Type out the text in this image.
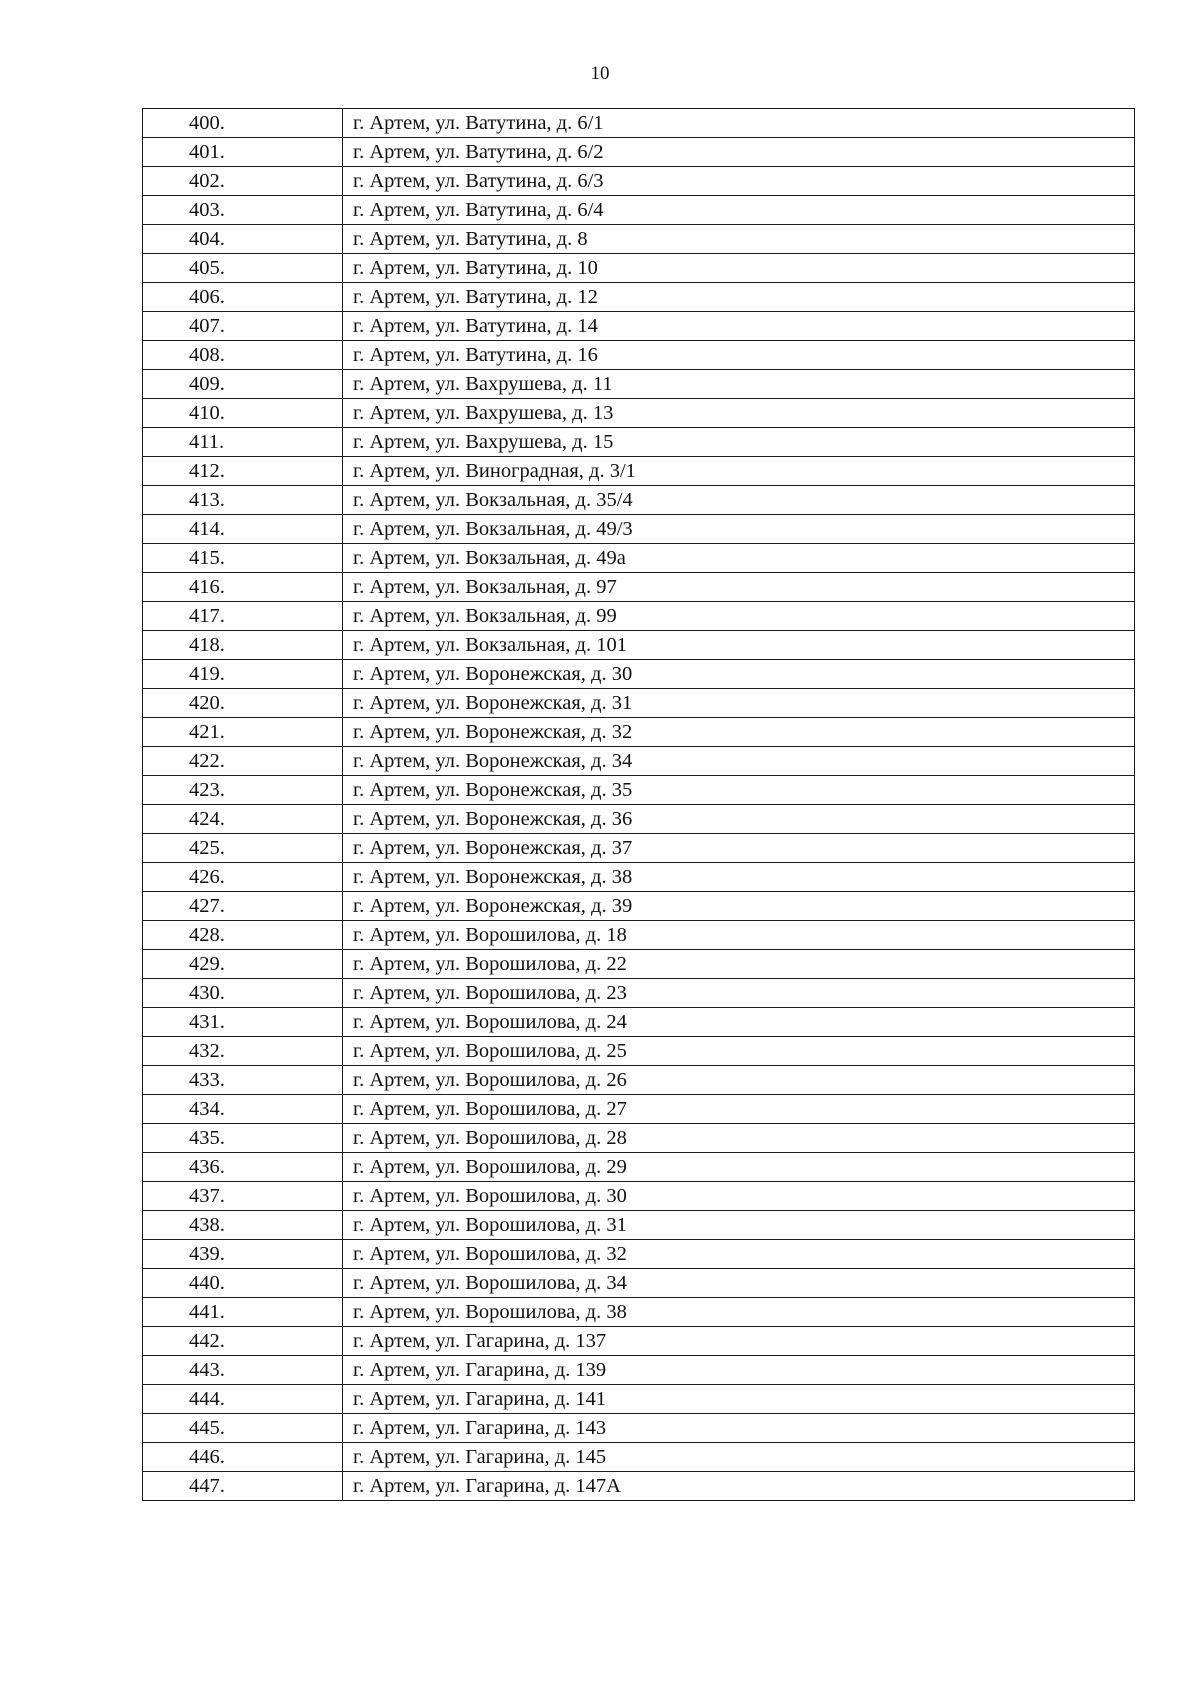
10
400.	г. Артем, ул. Ватутина, д. 6/1
401.	г. Артем, ул. Ватутина, д. 6/2
402.	г. Артем, ул. Ватутина, д. 6/3
403.	г. Артем, ул. Ватутина, д. 6/4
404.	г. Артем, ул. Ватутина, д. 8
405.	г. Артем, ул. Ватутина, д. 10
406.	г. Артем, ул. Ватутина, д. 12
407.	г. Артем, ул. Ватутина, д. 14
408.	г. Артем, ул. Ватутина, д. 16
409.	г. Артем, ул. Вахрушева, д. 11
410.	г. Артем, ул. Вахрушева, д. 13
411.	г. Артем, ул. Вахрушева, д. 15
412.	г. Артем, ул. Виноградная, д. 3/1
413.	г. Артем, ул. Вокзальная, д. 35/4
414.	г. Артем, ул. Вокзальная, д. 49/3
415.	г. Артем, ул. Вокзальная, д. 49а
416.	г. Артем, ул. Вокзальная, д. 97
417.	г. Артем, ул. Вокзальная, д. 99
418.	г. Артем, ул. Вокзальная, д. 101
419.	г. Артем, ул. Воронежская, д. 30
420.	г. Артем, ул. Воронежская, д. 31
421.	г. Артем, ул. Воронежская, д. 32
422.	г. Артем, ул. Воронежская, д. 34
423.	г. Артем, ул. Воронежская, д. 35
424.	г. Артем, ул. Воронежская, д. 36
425.	г. Артем, ул. Воронежская, д. 37
426.	г. Артем, ул. Воронежская, д. 38
427.	г. Артем, ул. Воронежская, д. 39
428.	г. Артем, ул. Ворошилова, д. 18
429.	г. Артем, ул. Ворошилова, д. 22
430.	г. Артем, ул. Ворошилова, д. 23
431.	г. Артем, ул. Ворошилова, д. 24
432.	г. Артем, ул. Ворошилова, д. 25
433.	г. Артем, ул. Ворошилова, д. 26
434.	г. Артем, ул. Ворошилова, д. 27
435.	г. Артем, ул. Ворошилова, д. 28
436.	г. Артем, ул. Ворошилова, д. 29
437.	г. Артем, ул. Ворошилова, д. 30
438.	г. Артем, ул. Ворошилова, д. 31
439.	г. Артем, ул. Ворошилова, д. 32
440.	г. Артем, ул. Ворошилова, д. 34
441.	г. Артем, ул. Ворошилова, д. 38
442.	г. Артем, ул. Гагарина, д. 137
443.	г. Артем, ул. Гагарина, д. 139
444.	г. Артем, ул. Гагарина, д. 141
445.	г. Артем, ул. Гагарина, д. 143
446.	г. Артем, ул. Гагарина, д. 145
447.	г. Артем, ул. Гагарина, д. 147А
